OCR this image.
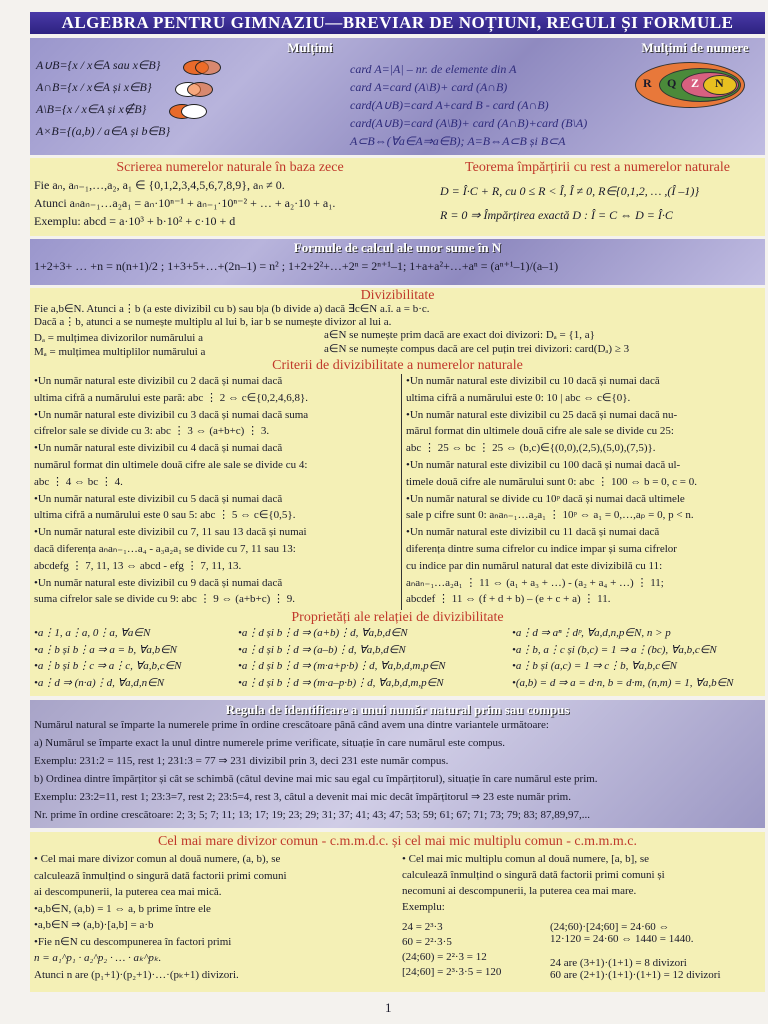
ALGEBRA PENTRU GIMNAZIU—BREVIAR DE NOȚIUNI, REGULI ȘI FORMULE
Mulțimi	Mulțimi de numere
A∪B={x / x∈A sau x∈B}
A∩B={x / x∈A și x∈B}
A\B={x / x∈A și x∉B}
A×B={(a,b) / a∈A și b∈B}
card A=|A| – nr. de elemente din A
card A=card (A\B)+ card (A∩B)
card(A∪B)=card A+card B - card (A∩B)
card(A∪B)=card (A\B)+ card (A∩B)+card (B\A)
A⊂B⇔(∀a∈A⇒a∈B); A=B⇔A⊂B și B⊂A
R Q Z N
Scrierea numerelor naturale în baza zece	Teorema împărțirii cu rest a numerelor naturale
Fie aₙ, aₙ₋₁,…,a₂, a₁ ∈ {0,1,2,3,4,5,6,7,8,9}, aₙ ≠ 0.
Atunci aₙaₙ₋₁…a₂a₁ = aₙ·10ⁿ⁻¹ + aₙ₋₁·10ⁿ⁻² + … + a₂·10 + a₁.
Exemplu: abcd = a·10³ + b·10² + c·10 + d
D = Î·C + R, cu 0 ≤ R < Î, Î ≠ 0, R∈{0,1,2, … ,(Î –1)}
R = 0 ⇒ Împărțirea exactă D : Î = C ⇔ D = Î·C
Formule de calcul ale unor sume în N
1+2+3+ … +n = n(n+1)/2 ; 1+3+5+…+(2n–1) = n² ; 1+2+2²+…+2ⁿ = 2ⁿ⁺¹–1; 1+a+a²+…+aⁿ = (aⁿ⁺¹–1)/(a–1)
Divizibilitate
Fie a,b∈N. Atunci a⋮b (a este divizibil cu b) sau b|a (b divide a) dacă ∃c∈N a.î. a = b·c.
Dacă a⋮b, atunci a se numește multiplu al lui b, iar b se numește divizor al lui a.
Dₐ = mulțimea divizorilor numărului a	a∈N se numește prim dacă are exact doi divizori: Dₐ = {1, a}
Mₐ = mulțimea multiplilor numărului a	a∈N se numește compus dacă are cel puțin trei divizori: card(Dₐ) ≥ 3
Criterii de divizibilitate a numerelor naturale
•Un număr natural este divizibil cu 2 dacă și numai dacă
ultima cifră a numărului este pară: abc ⋮ 2 ⇔ c∈{0,2,4,6,8}.
•Un număr natural este divizibil cu 3 dacă și numai dacă suma
cifrelor sale se divide cu 3: abc ⋮ 3 ⇔ (a+b+c) ⋮ 3.
•Un număr natural este divizibil cu 4 dacă și numai dacă
numărul format din ultimele două cifre ale sale se divide cu 4:
abc ⋮ 4 ⇔ bc ⋮ 4.
•Un număr natural este divizibil cu 5 dacă și numai dacă
ultima cifră a numărului este 0 sau 5: abc ⋮ 5 ⇔ c∈{0,5}.
•Un număr natural este divizibil cu 7, 11 sau 13 dacă și numai
dacă diferența aₙaₙ₋₁…a₄ - a₃a₂a₁ se divide cu 7, 11 sau 13:
abcdefg ⋮ 7, 11, 13 ⇔ abcd - efg ⋮ 7, 11, 13.
•Un număr natural este divizibil cu 9 dacă și numai dacă
suma cifrelor sale se divide cu 9: abc ⋮ 9 ⇔ (a+b+c) ⋮ 9.
•Un număr natural este divizibil cu 10 dacă și numai dacă
ultima cifră a numărului este 0: 10 | abc ⇔ c∈{0}.
•Un număr natural este divizibil cu 25 dacă și numai dacă nu-
mărul format din ultimele două cifre ale sale se divide cu 25:
abc ⋮ 25 ⇔ bc ⋮ 25 ⇔ (b,c)∈{(0,0),(2,5),(5,0),(7,5)}.
•Un număr natural este divizibil cu 100 dacă și numai dacă ul-
timele două cifre ale numărului sunt 0: abc ⋮ 100 ⇔ b = 0, c = 0.
•Un număr natural se divide cu 10ᵖ dacă și numai dacă ultimele
sale p cifre sunt 0: aₙaₙ₋₁…a₂a₁ ⋮ 10ᵖ ⇔ a₁ = 0,…,aₚ = 0, p < n.
•Un număr natural este divizibil cu 11 dacă și numai dacă
diferența dintre suma cifrelor cu indice impar și suma cifrelor
cu indice par din numărul natural dat este divizibilă cu 11:
aₙaₙ₋₁…a₂a₁ ⋮ 11 ⇔ (a₁ + a₃ + …) - (a₂ + a₄ + …) ⋮ 11;
abcdef ⋮ 11 ⇔ (f + d + b) – (e + c + a) ⋮ 11.
Proprietăți ale relației de divizibilitate
•a⋮1, a⋮a, 0⋮a, ∀a∈N
•a⋮b și b⋮a ⇒ a = b, ∀a,b∈N
•a⋮b și b⋮c ⇒ a⋮c, ∀a,b,c∈N
•a⋮d ⇒ (n·a)⋮d, ∀a,d,n∈N
•a⋮d și b⋮d ⇒ (a+b)⋮d, ∀a,b,d∈N
•a⋮d și b⋮d ⇒ (a–b)⋮d, ∀a,b,d∈N
•a⋮d și b⋮d ⇒ (m·a+p·b)⋮d, ∀a,b,d,m,p∈N
•a⋮d și b⋮d ⇒ (m·a–p·b)⋮d, ∀a,b,d,m,p∈N
•a⋮d ⇒ aⁿ⋮dᵖ, ∀a,d,n,p∈N, n > p
•a⋮b, a⋮c și (b,c) = 1 ⇒ a⋮(bc), ∀a,b,c∈N
•a⋮b și (a,c) = 1 ⇒ c⋮b, ∀a,b,c∈N
•(a,b) = d ⇒ a = d·n, b = d·m, (n,m) = 1, ∀a,b∈N
Regula de identificare a unui număr natural prim sau compus
Numărul natural se împarte la numerele prime în ordine crescătoare până când avem una dintre variantele următoare:
a) Numărul se împarte exact la unul dintre numerele prime verificate, situație în care numărul este compus.
Exemplu: 231:2 = 115, rest 1; 231:3 = 77 ⇒ 231 divizibil prin 3, deci 231 este număr compus.
b) Ordinea dintre împărțitor și cât se schimbă (câtul devine mai mic sau egal cu împărțitorul), situație în care numărul este prim.
Exemplu: 23:2=11, rest 1; 23:3=7, rest 2; 23:5=4, rest 3, câtul a devenit mai mic decât împărțitorul ⇒ 23 este număr prim.
Nr. prime în ordine crescătoare: 2; 3; 5; 7; 11; 13; 17; 19; 23; 29; 31; 37; 41; 43; 47; 53; 59; 61; 67; 71; 73; 79; 83; 87,89,97,...
Cel mai mare divizor comun - c.m.m.d.c. și cel mai mic multiplu comun - c.m.m.m.c.
• Cel mai mare divizor comun al două numere, (a, b), se
calculează înmulțind o singură dată factorii primi comuni
ai descompunerii, la puterea cea mai mică.
•a,b∈N, (a,b) = 1 ⇔ a, b prime între ele
•a,b∈N ⇒ (a,b)·[a,b] = a·b
•Fie n∈N cu descompunerea în factori primi
n = a₁^p₁ · a₂^p₂ · … · aₖ^pₖ.
Atunci n are (p₁+1)·(p₂+1)·…·(pₖ+1) divizori.
• Cel mai mic multiplu comun al două numere, [a, b], se
calculează înmulțind o singură dată factorii primi comuni și
necomuni ai descompunerii, la puterea cea mai mare.
Exemplu:
24 = 2³·3
60 = 2²·3·5
(24;60) = 2²·3 = 12
[24;60] = 2³·3·5 = 120
(24;60)·[24;60] = 24·60 ⇔
12·120 = 24·60 ⇔ 1440 = 1440.
24 are (3+1)·(1+1) = 8 divizori
60 are (2+1)·(1+1)·(1+1) = 12 divizori
1
